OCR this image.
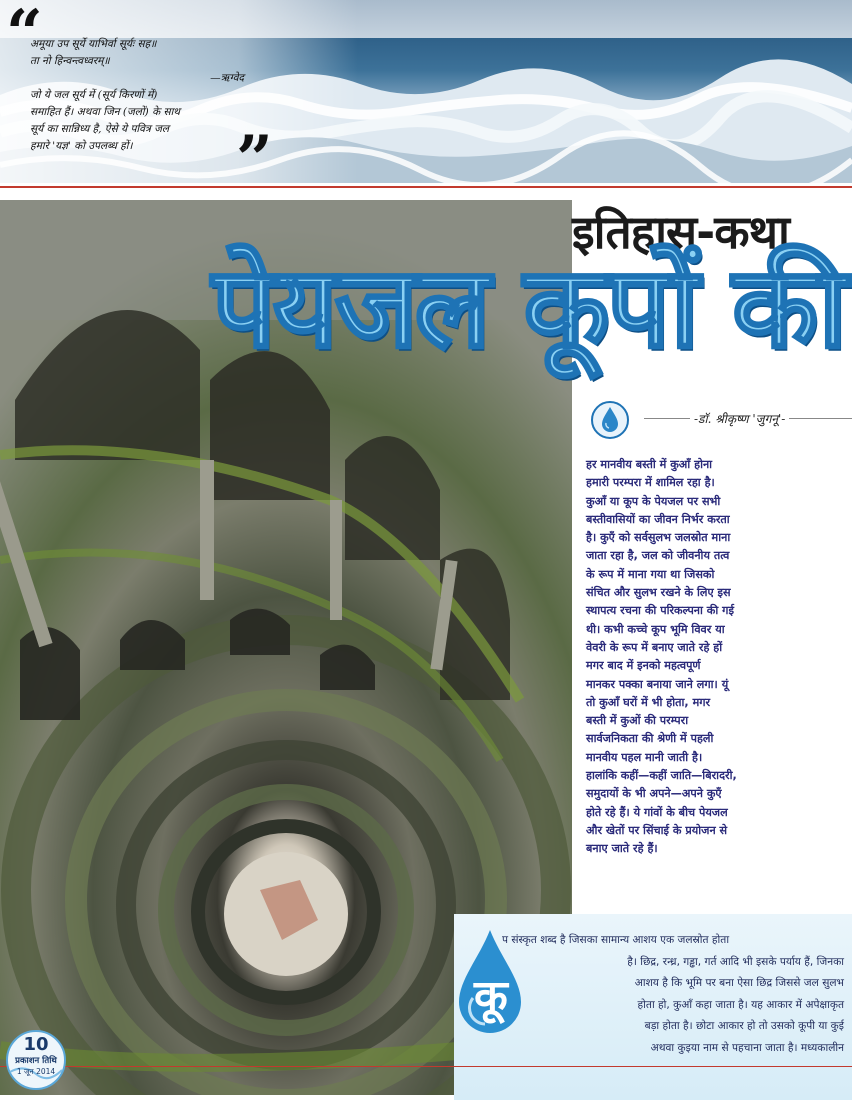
“
अमूया उप सूर्ये याभिर्वा सूर्यः सह॥
ता नो हिन्वन्त्वध्वरम्॥
—ऋग्वेद
जो ये जल सूर्य में (सूर्य किरणों में)
समाहित हैं। अथवा जिन (जलों) के साथ
सूर्य का सान्निध्य है, ऐसे ये पवित्र जल
हमारे 'यज्ञ' को उपलब्ध हों।	”
इतिहास-कथा
पेयजल कूपों की
-डॉ. श्रीकृष्ण 'जुगनू'-
हर मानवीय बस्ती में कुआँ होना
हमारी परम्परा में शामिल रहा है।
कुआँ या कूप के पेयजल पर सभी
बस्तीवासियों का जीवन निर्भर करता
है। कुएँ को सर्वसुलभ जलस्रोत माना
जाता रहा है, जल को जीवनीय तत्व
के रूप में माना गया था जिसको
संचित और सुलभ रखने के लिए इस
स्थापत्य रचना की परिकल्पना की गई
थी। कभी कच्चे कूप भूमि विवर या
वेवरी के रूप में बनाए जाते रहे हों
मगर बाद में इनको महत्वपूर्ण
मानकर पक्का बनाया जाने लगा। यूं
तो कुआँ घरों में भी होता, मगर
बस्ती में कुओं की परम्परा
सार्वजनिकता की श्रेणी में पहली
मानवीय पहल मानी जाती है।
हालांकि कहीं—कहीं जाति—बिरादरी,
समुदायों के भी अपने—अपने कुएँ
होते रहे हैं। ये गांवों के बीच पेयजल
और खेतों पर सिंचाई के प्रयोजन से
बनाए जाते रहे हैं।
कू
प संस्कृत शब्द है जिसका सामान्य आशय एक जलस्रोत होता
है। छिद्र, रन्ध्र, गड्ढा, गर्त आदि भी इसके पर्याय हैं, जिनका
आशय है कि भूमि पर बना ऐसा छिद्र जिससे जल सुलभ
होता हो, कुआँ कहा जाता है। यह आकार में अपेक्षाकृत
बड़ा होता है। छोटा आकार हो तो उसको कूपी या कुई
अथवा कुइया नाम से पहचाना जाता है। मध्यकालीन
10
प्रकाशन तिथि
1 जून 2014
